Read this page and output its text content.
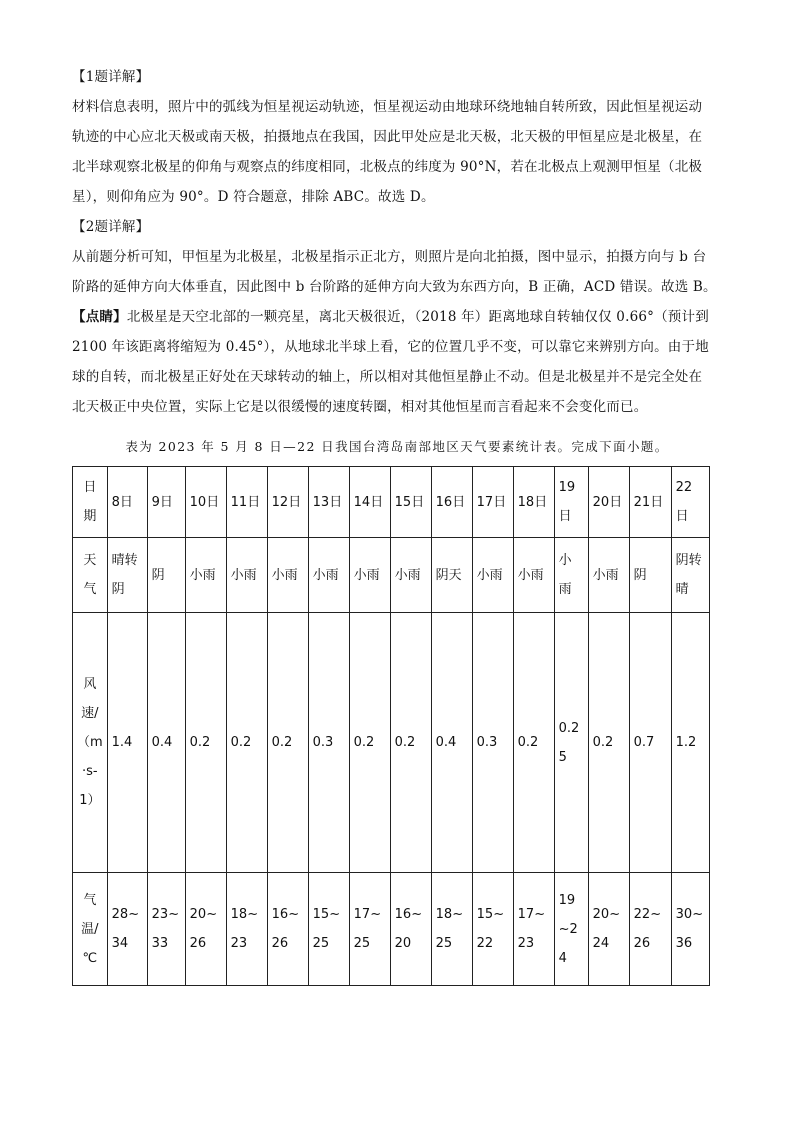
【1题详解】
材料信息表明，照片中的弧线为恒星视运动轨迹，恒星视运动由地球环绕地轴自转所致，因此恒星视运动
轨迹的中心应北天极或南天极，拍摄地点在我国，因此甲处应是北天极，北天极的甲恒星应是北极星，在
北半球观察北极星的仰角与观察点的纬度相同，北极点的纬度为 90°N，若在北极点上观测甲恒星（北极
星），则仰角应为 90°。D 符合题意，排除 ABC。故选 D。
【2题详解】
从前题分析可知，甲恒星为北极星，北极星指示正北方，则照片是向北拍摄，图中显示，拍摄方向与 b 台
阶路的延伸方向大体垂直，因此图中 b 台阶路的延伸方向大致为东西方向，B 正确，ACD 错误。故选 B。
【点睛】北极星是天空北部的一颗亮星，离北天极很近，（2018 年）距离地球自转轴仅仅 0.66°（预计到
2100 年该距离将缩短为 0.45°），从地球北半球上看，它的位置几乎不变，可以靠它来辨别方向。由于地
球的自转，而北极星正好处在天球转动的轴上，所以相对其他恒星静止不动。但是北极星并不是完全处在
北天极正中央位置，实际上它是以很缓慢的速度转圈，相对其他恒星而言看起来不会变化而已。
表为 2023 年 5 月 8 日—22 日我国台湾岛南部地区天气要素统计表。完成下面小题。
日期	8日	9日	10日	11日	12日	13日	14日	15日	16日	17日	18日	19日	20日	21日	22日
天气	晴转阴	阴	小雨	小雨	小雨	小雨	小雨	小雨	阴天	小雨	小雨	小雨	小雨	阴	阴转晴
风速/（m·s-1）	1.4	0.4	0.2	0.2	0.2	0.3	0.2	0.2	0.4	0.3	0.2	0.25	0.2	0.7	1.2
气温/℃	28~34	23~33	20~26	18~23	16~26	15~25	17~25	16~20	18~25	15~22	17~23	19~24	20~24	22~26	30~36
